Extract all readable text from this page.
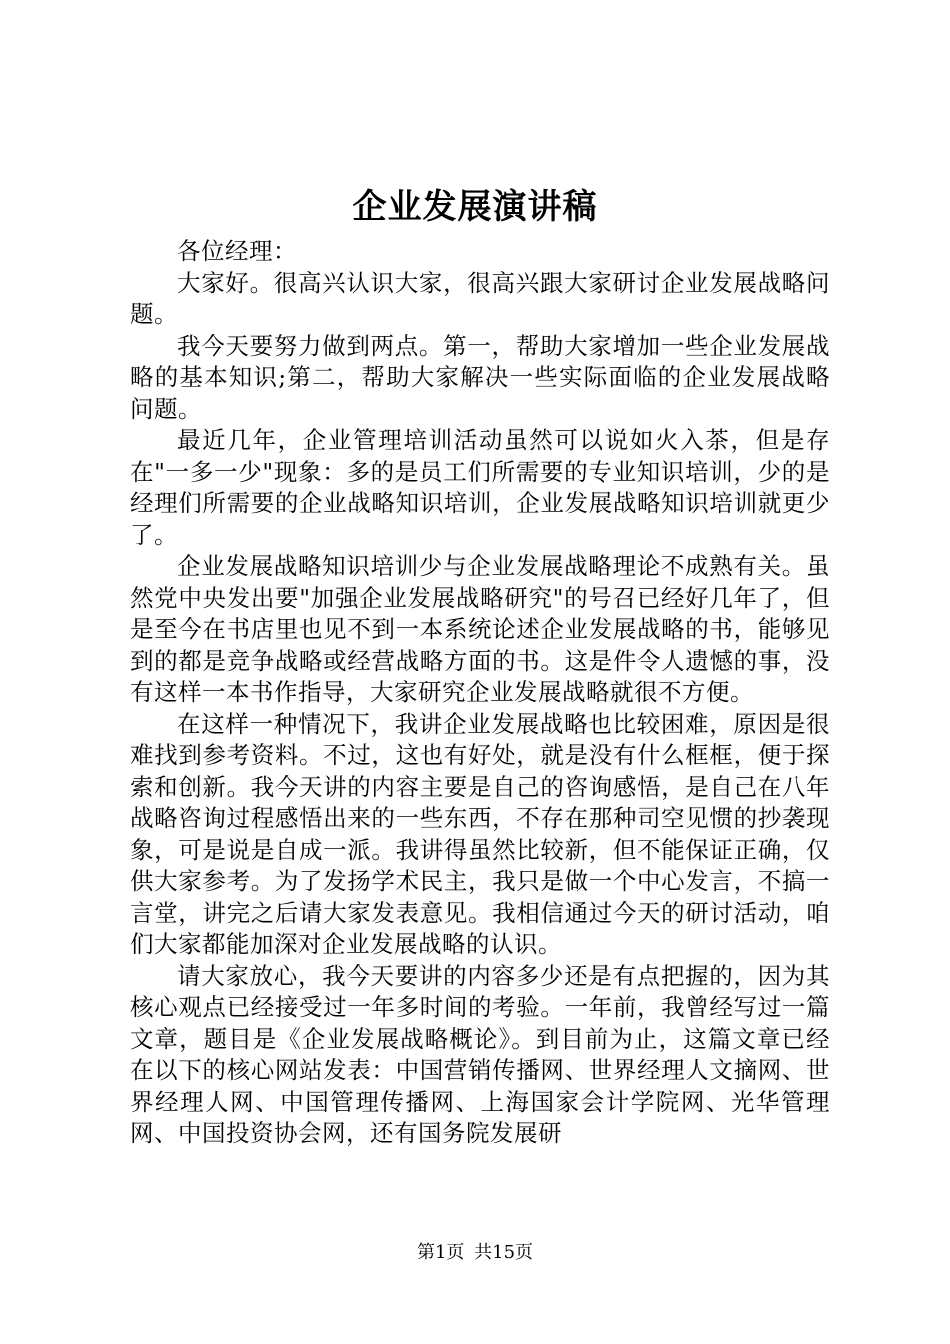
企业发展演讲稿

各位经理：

大家好。很高兴认识大家，很高兴跟大家研讨企业发展战略问题。

我今天要努力做到两点。第一，帮助大家增加一些企业发展战略的基本知识;第二，帮助大家解决一些实际面临的企业发展战略问题。

最近几年，企业管理培训活动虽然可以说如火入茶，但是存在"一多一少"现象：多的是员工们所需要的专业知识培训，少的是经理们所需要的企业战略知识培训，企业发展战略知识培训就更少了。

企业发展战略知识培训少与企业发展战略理论不成熟有关。虽然党中央发出要"加强企业发展战略研究"的号召已经好几年了，但是至今在书店里也见不到一本系统论述企业发展战略的书，能够见到的都是竞争战略或经营战略方面的书。这是件令人遗憾的事，没有这样一本书作指导，大家研究企业发展战略就很不方便。

在这样一种情况下，我讲企业发展战略也比较困难，原因是很难找到参考资料。不过，这也有好处，就是没有什么框框，便于探索和创新。我今天讲的内容主要是自己的咨询感悟，是自己在八年战略咨询过程感悟出来的一些东西，不存在那种司空见惯的抄袭现象，可是说是自成一派。我讲得虽然比较新，但不能保证正确，仅供大家参考。为了发扬学术民主，我只是做一个中心发言，不搞一言堂，讲完之后请大家发表意见。我相信通过今天的研讨活动，咱们大家都能加深对企业发展战略的认识。

请大家放心，我今天要讲的内容多少还是有点把握的，因为其核心观点已经接受过一年多时间的考验。一年前，我曾经写过一篇文章，题目是《企业发展战略概论》。到目前为止，这篇文章已经在以下的核心网站发表：中国营销传播网、世界经理人文摘网、世界经理人网、中国管理传播网、上海国家会计学院网、光华管理网、中国投资协会网，还有国务院发展研

第1页 共15页
